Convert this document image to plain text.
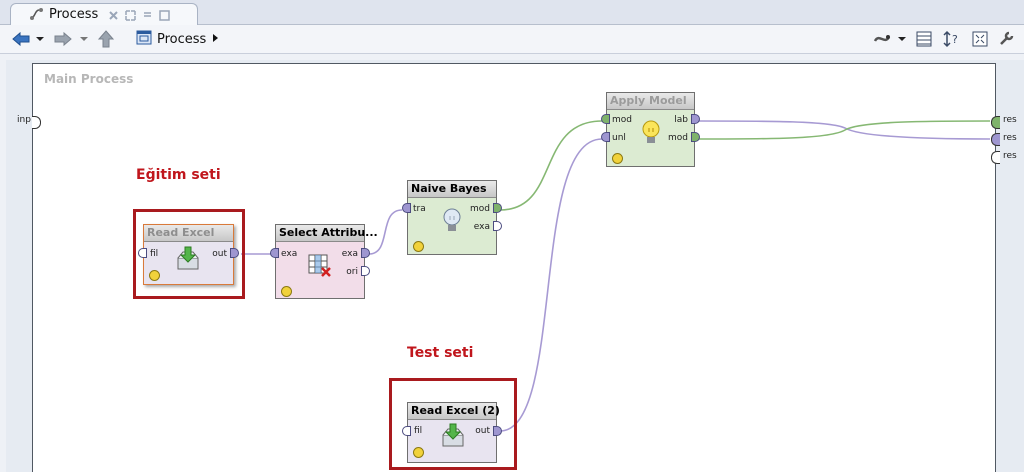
Process
Process	?
Main Process
inp	res
res
res
Eğitim seti
Test seti
Read Excel
fil	out
Select Attribu...
exa	exa
ori
Naive Bayes
tra	mod
exa
Apply Model
mod
unl
lab
mod
Read Excel (2)
fil	out
